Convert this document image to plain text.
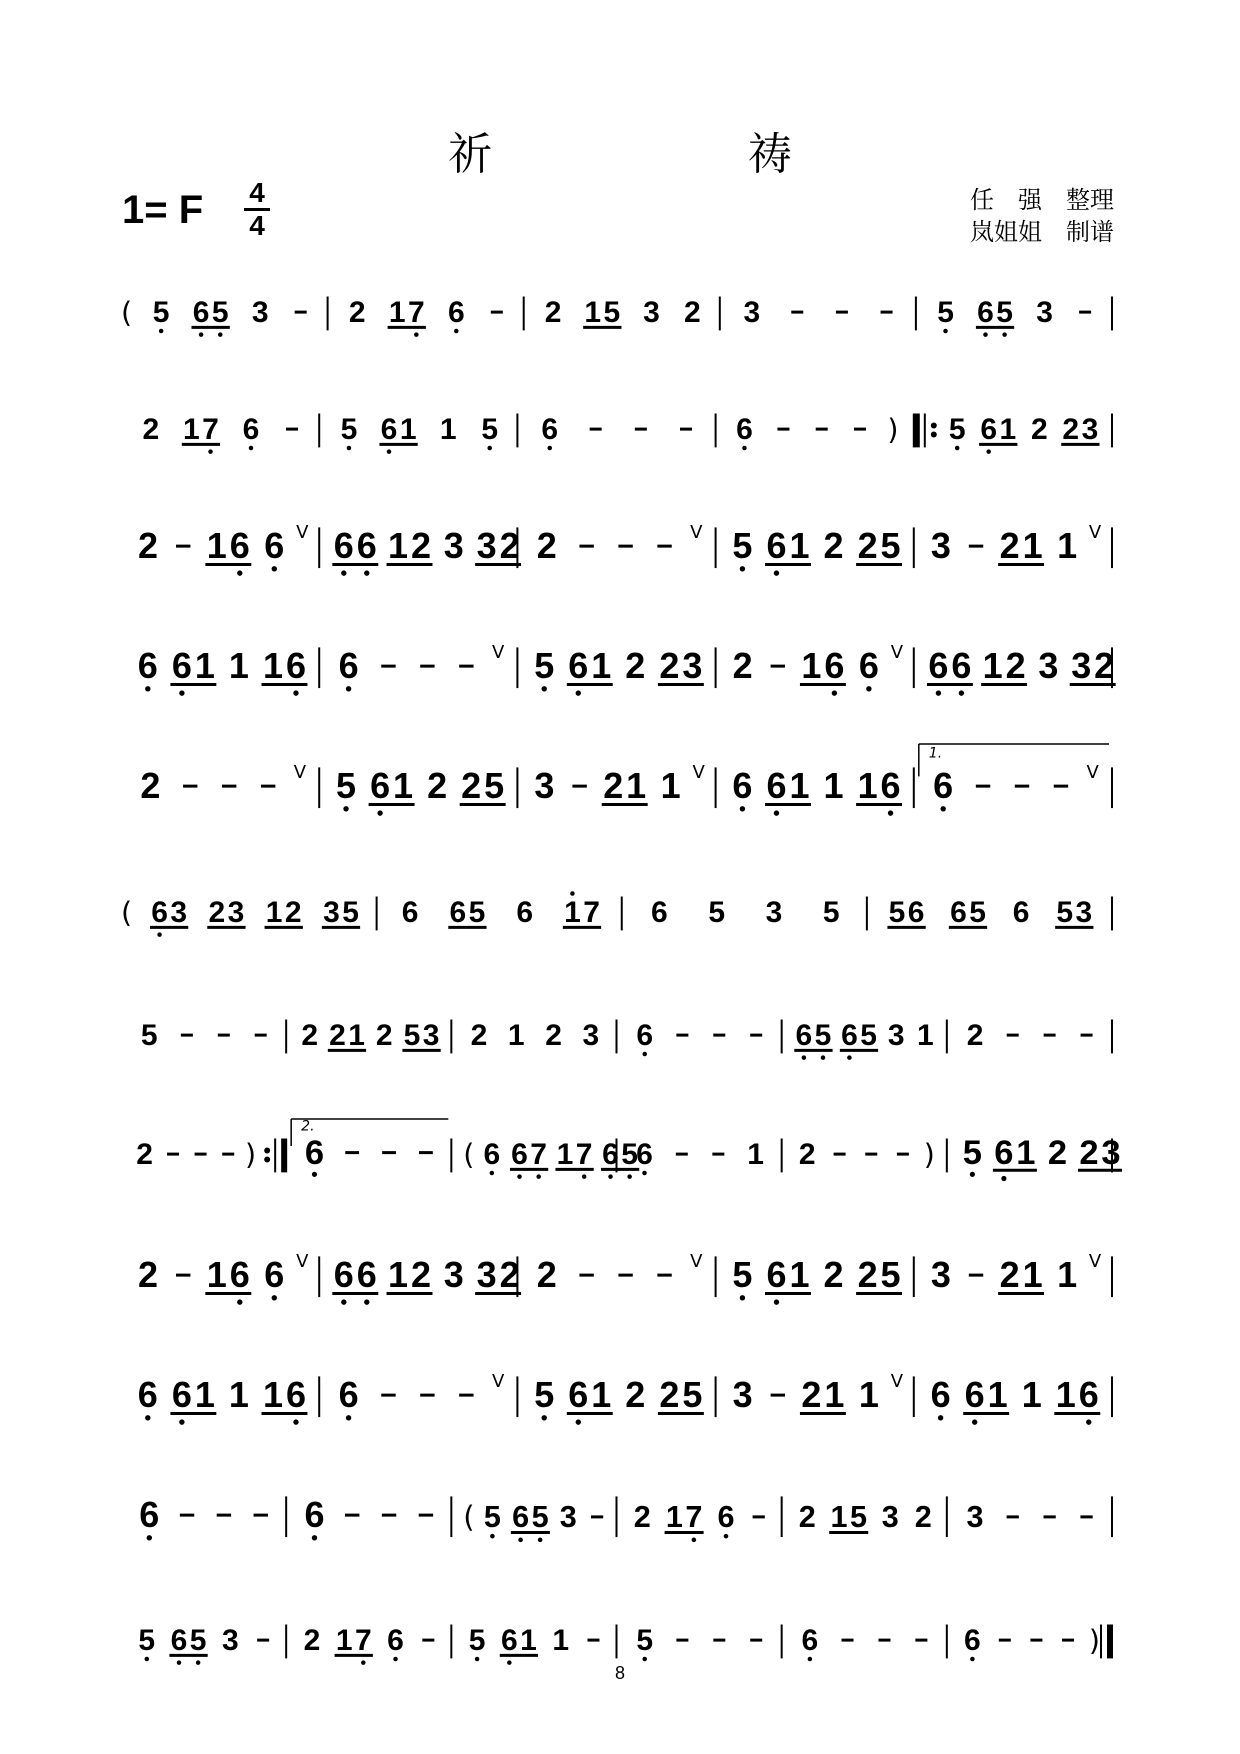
祈　　祷
1= F 4
4
任　强　整理
岚姐姐　制谱
( 5 6 5 3	2 1 7 6	2 1 5 3 2 3	5 6 5 3
2 1 7 6	5 6 1 1 5 6	6	) 5 6 1 2 2 3
2 1 6 6 V 6 6 1 2 3 3 2 2	V 5 6 1 2 2 5 3 2 1 1 V
6 6 1 1 1 6 6	V 5 6 1 2 2 3 2 1 6 6 V 6 6 1 2 3 3 2
2	V 5 6 1 2 2 5 3 2 1 1 V 6 6 1 1 1 6 6	V
1.
( 6 3 2 3 1 2 3 5 6 6 5 6 1 7 6 5 3 5 5 6 6 5 6 5 3
5	2 2 1 2 5 3 2 1 2 3 6	6 5 6 5 3 1 2
2	) 6
2.
( 6 6 7 1 7 6 5
6	1 2	) 5 6 1 2 2 3
2 1 6 6 V 6 6 1 2 3 3 2 2	V 5 6 1 2 2 5 3 2 1 1 V
6 6 1 1 1 6 6	V 5 6 1 2 2 5 3 2 1 1 V 6 6 1 1 1 6
6	6	( 5 6 5 3 2 1 7 6 2 1 5 3 2 3
5 6 5 3 2 1 7 6 5 6 1 1 5	6	6	)
8
